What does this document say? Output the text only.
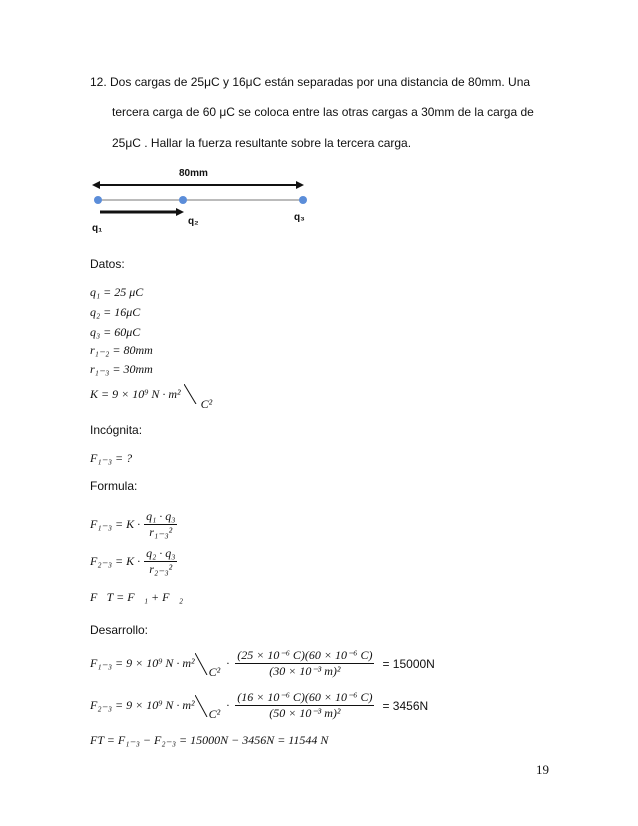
12. Dos cargas de 25μC y 16μC están separadas por una distancia de 80mm. Una
tercera carga de 60 μC se coloca entre las otras cargas a 30mm de la carga de
25μC . Hallar la fuerza resultante sobre la tercera carga.
80mm
q₁
q₂	q₃
Datos:
q₁ = 25 μC
q₂ = 16μC
q₃ = 60μC
r₁₋₂ = 80mm
r₁₋₃ = 30mm
K = 9 × 10⁹ N · m²  C²
Incógnita:
F₁₋₃ = ?
Formula:
$F_{1-3} = K \cdot \frac{\text{q₁ · q₃}}{\text{r₁₋₃²}}$
$F_{2-3} = K \cdot \frac{\text{q₂ · q₃}}{\text{r₂₋₃²}}$
F⃗T = F⃗₁ + F⃗₂
Desarrollo:
F₁₋₃ = 9 × 10⁹ N · m²
C²
· $\frac{\text{(25 × 10⁻⁶ C)(60 × 10⁻⁶ C)}}{\text{(30 × 10⁻³ m)²}} = 15000N$
F₂₋₃ = 9 × 10⁹ N · m²
C²
· $\frac{\text{(16 × 10⁻⁶ C)(60 × 10⁻⁶ C)}}{\text{(50 × 10⁻³ m)²}} = 3456N$
FT = F₁₋₃ − F₂₋₃ = 15000N − 3456N = 11544 N
19
